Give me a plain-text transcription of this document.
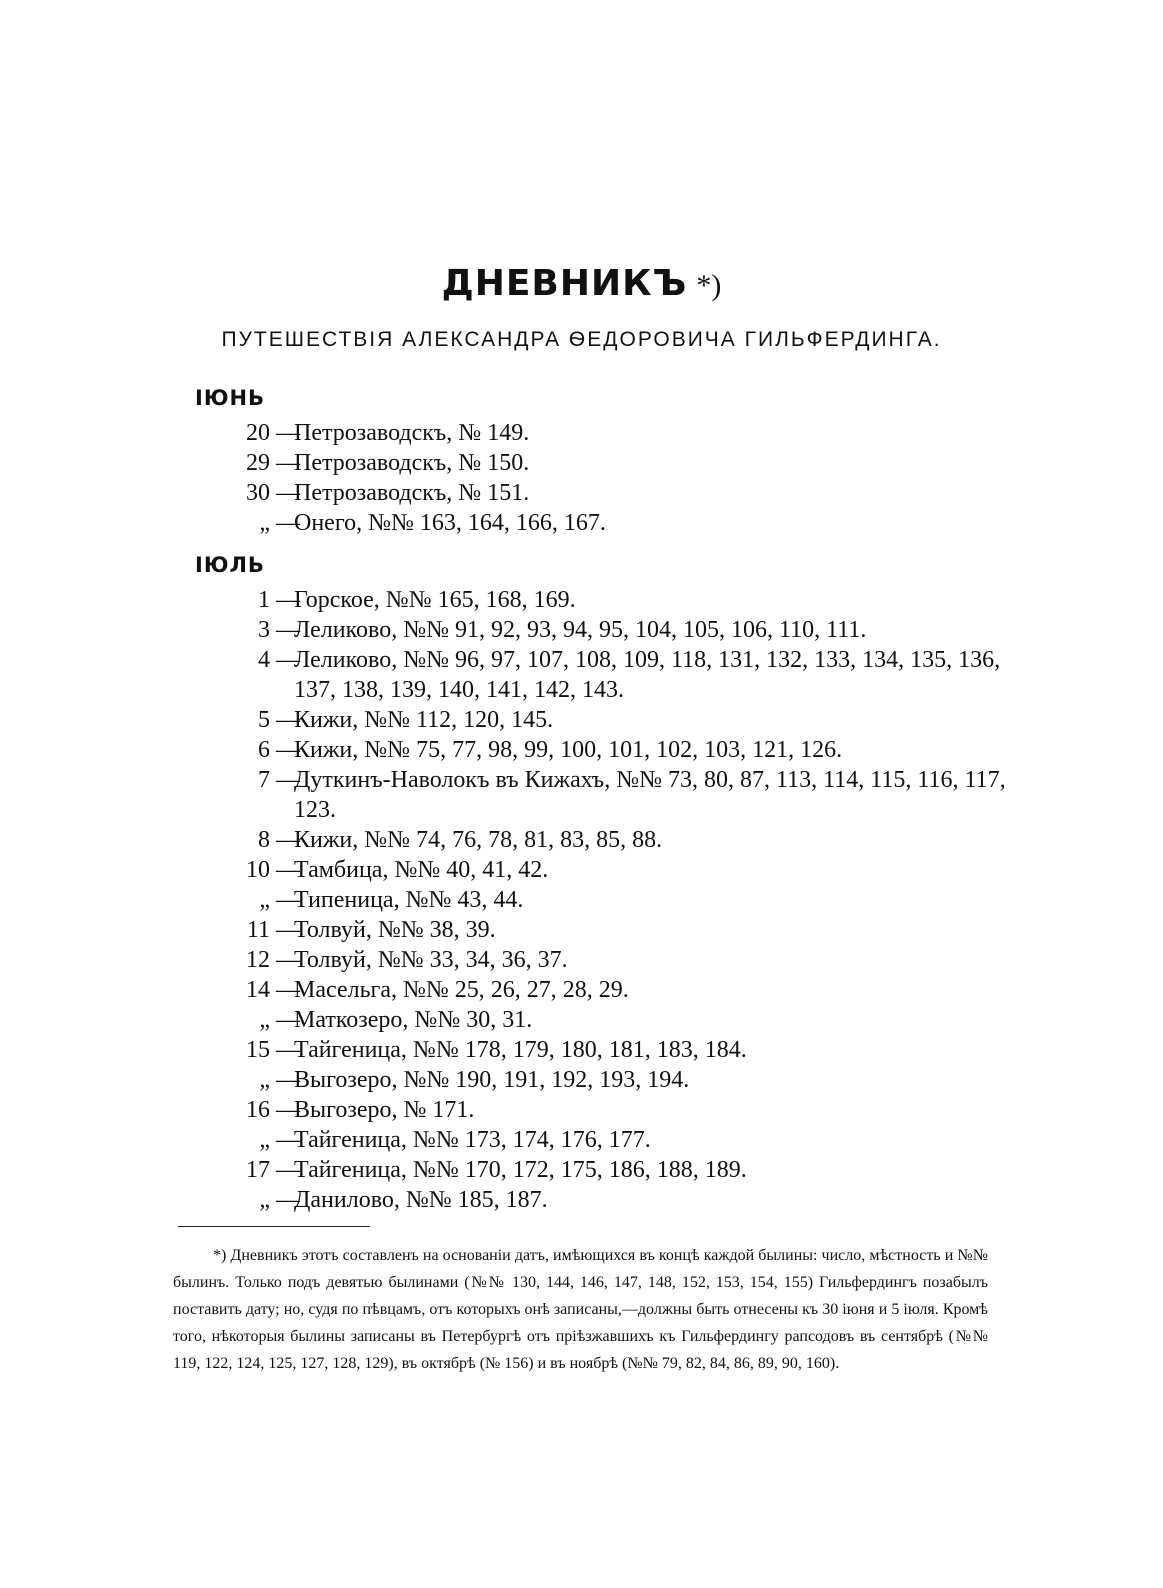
ДНЕВНИКЪ *)
ПУТЕШЕСТВІЯ АЛЕКСАНДРА ѲЕДОРОВИЧА ГИЛЬФЕРДИНГА.
ІЮНЬ
20 —
Петрозаводскъ, № 149.
29 —
Петрозаводскъ, № 150.
30 —
Петрозаводскъ, № 151.
„ —
Онего, №№ 163, 164, 166, 167.
ІЮЛЬ
1 —
Горское, №№ 165, 168, 169.
3 —
Леликово, №№ 91, 92, 93, 94, 95, 104, 105, 106, 110, 111.
4 —
Леликово, №№ 96, 97, 107, 108, 109, 118, 131, 132, 133, 134, 135, 136, 137, 138, 139, 140, 141, 142, 143.
5 —
Кижи, №№ 112, 120, 145.
6 —
Кижи, №№ 75, 77, 98, 99, 100, 101, 102, 103, 121, 126.
7 —
Дуткинъ-Наволокъ въ Кижахъ, №№ 73, 80, 87, 113, 114, 115, 116, 117, 123.
8 —
Кижи, №№ 74, 76, 78, 81, 83, 85, 88.
10 —
Тамбица, №№ 40, 41, 42.
„ —
Типеница, №№ 43, 44.
11 —
Толвуй, №№ 38, 39.
12 —
Толвуй, №№ 33, 34, 36, 37.
14 —
Масельга, №№ 25, 26, 27, 28, 29.
„ —
Маткозеро, №№ 30, 31.
15 —
Тайгеница, №№ 178, 179, 180, 181, 183, 184.
„ —
Выгозеро, №№ 190, 191, 192, 193, 194.
16 —
Выгозеро, № 171.
„ —
Тайгеница, №№ 173, 174, 176, 177.
17 —
Тайгеница, №№ 170, 172, 175, 186, 188, 189.
„ —
Данилово, №№ 185, 187.
*) Дневникъ этотъ составленъ на основаніи датъ, имѣющихся въ концѣ каждой былины: число, мѣстность и №№ былинъ. Только подъ девятью былинами (№№ 130, 144, 146, 147, 148, 152, 153, 154, 155) Гильфердингъ позабылъ поставить дату; но, судя по пѣвцамъ, отъ которыхъ онѣ записаны,—должны быть отнесены къ 30 іюня и 5 іюля. Кромѣ того, нѣкоторыя былины записаны въ Петербургѣ отъ пріѣзжавшихъ къ Гильфердингу рапсодовъ въ сентябрѣ (№№ 119, 122, 124, 125, 127, 128, 129), въ октябрѣ (№ 156) и въ ноябрѣ (№№ 79, 82, 84, 86, 89, 90, 160).
